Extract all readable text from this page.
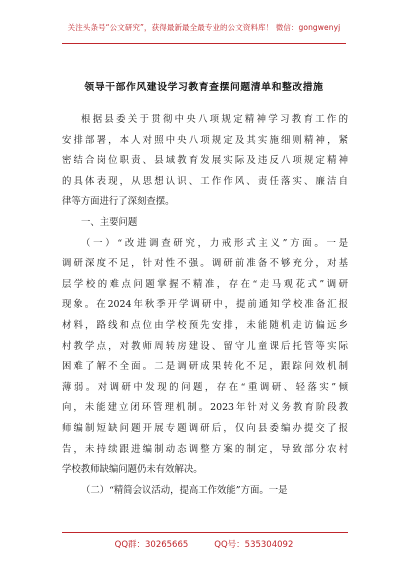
关注头条号“公文研究”，获得最新最全最专业的公文资料库！ 微信：gongwenyj
领导干部作风建设学习教育查摆问题清单和整改措施
根据县委关于贯彻中央八项规定精神学习教育工作的
安排部署，本人对照中央八项规定及其实施细则精神，紧
密结合岗位职责、县域教育发展实际及违反八项规定精神
的具体表现，从思想认识、工作作风、责任落实、廉洁自
律等方面进行了深刻查摆。
一、主要问题
（一）“改进调查研究，力戒形式主义”方面。一是
调研深度不足，针对性不强。调研前准备不够充分，对基
层学校的难点问题掌握不精准，存在“走马观花式”调研
现象。在2024年秋季开学调研中，提前通知学校准备汇报
材料，路线和点位由学校预先安排，未能随机走访偏远乡
村教学点，对教师周转房建设、留守儿童课后托管等实际
困难了解不全面。二是调研成果转化不足，跟踪问效机制
薄弱。对调研中发现的问题，存在“重调研、轻落实”倾
向，未能建立闭环管理机制。2023年针对义务教育阶段教
师编制短缺问题开展专题调研后，仅向县委编办提交了报
告，未持续跟进编制动态调整方案的制定，导致部分农村
学校教师缺编问题仍未有效解决。
（二）“精简会议活动，提高工作效能”方面。一是
QQ群：30265665	QQ号：535304092
